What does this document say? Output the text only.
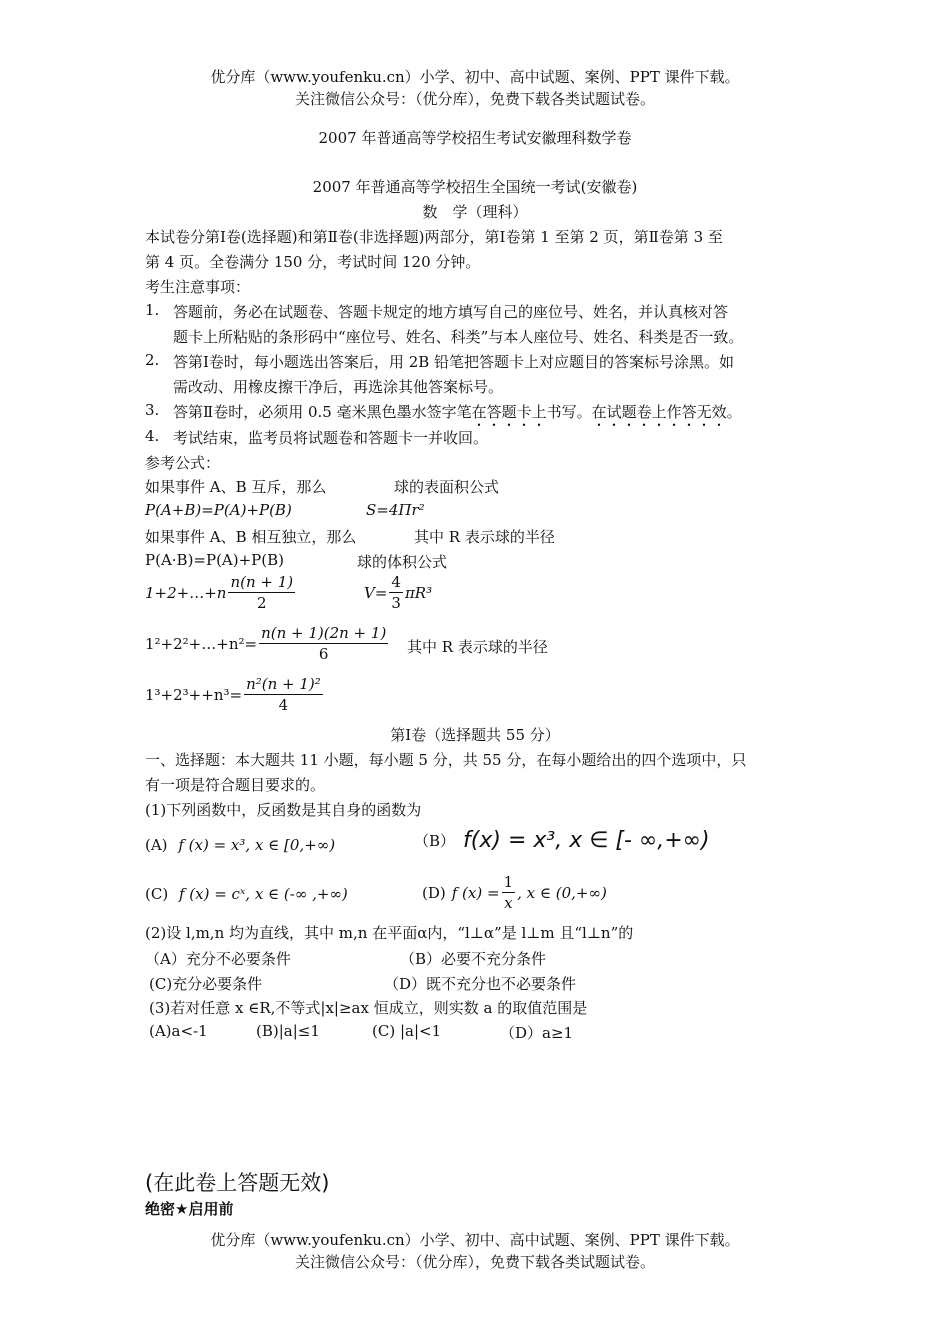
优分库（www.youfenku.cn）小学、初中、高中试题、案例、PPT 课件下载。
关注微信公众号：（优分库），免费下载各类试题试卷。
2007 年普通高等学校招生考试安徽理科数学卷
2007 年普通高等学校招生全国统一考试(安徽卷)
数　学（理科）
本试卷分第Ⅰ卷(选择题)和第Ⅱ卷(非选择题)两部分，第Ⅰ卷第 1 至第 2 页，第Ⅱ卷第 3 至
第 4 页。全卷满分 150 分，考试时间 120 分钟。
考生注意事项：
1. 答题前，务必在试题卷、答题卡规定的地方填写自己的座位号、姓名，并认真核对答
题卡上所粘贴的条形码中“座位号、姓名、科类”与本人座位号、姓名、科类是否一致。
2. 答第Ⅰ卷时，每小题选出答案后，用 2B 铅笔把答题卡上对应题目的答案标号涂黑。如
需改动、用橡皮擦干净后，再选涂其他答案标号。
3. 答第Ⅱ卷时，必须用 0.5 毫米黑色墨水签字笔在答题卡上书写。在试题卷上作答无效。
4. 考试结束，监考员将试题卷和答题卡一并收回。
参考公式：
如果事件 A、B 互斥，那么	球的表面积公式
P(A+B)=P(A)+P(B)	S=4Πr²
如果事件 A、B 相互独立，那么	其中 R 表示球的半径
P(A·B)=P(A)+P(B)	球的体积公式
1+2+…+n $\frac{n(n + 1)}{2}$	$V= \frac{4}{3} \pi R^3$
1²+2²+…+n²= $\frac{n(n + 1)(2n + 1)}{6}$ 其中 R 表示球的半径
$1^3+2^3++n^3= \frac{\text{n²(n + 1)²}}{4}$
第Ⅰ卷（选择题共 55 分）
一、选择题：本大题共 11 小题，每小题 5 分，共 55 分，在每小题给出的四个选项中，只
有一项是符合题目要求的。
(1)下列函数中，反函数是其自身的函数为
(A) f (x) = x³, x ∈ [0,+∞)	（B） f(x) = x³, x ∈ [- ∞,+∞)
(C) f (x) = cˣ, x ∈ (-∞ ,+∞)	(D) f $(x) = \frac{1}{x}$ , x ∈ (0,+∞)
(2)设 l,m,n 均为直线，其中 m,n 在平面α内，“l⊥α”是 l⊥m 且“l⊥n”的
（A）充分不必要条件	（B）必要不充分条件
(C)充分必要条件	（D）既不充分也不必要条件
(3)若对任意 x ∈R,不等式|x|≥ax 恒成立，则实数 a 的取值范围是
(A)a<-1	(B)|a|≤1	(C) |a|<1	（D）a≥1
(在此卷上答题无效)
绝密★启用前
优分库（www.youfenku.cn）小学、初中、高中试题、案例、PPT 课件下载。
关注微信公众号：（优分库），免费下载各类试题试卷。
